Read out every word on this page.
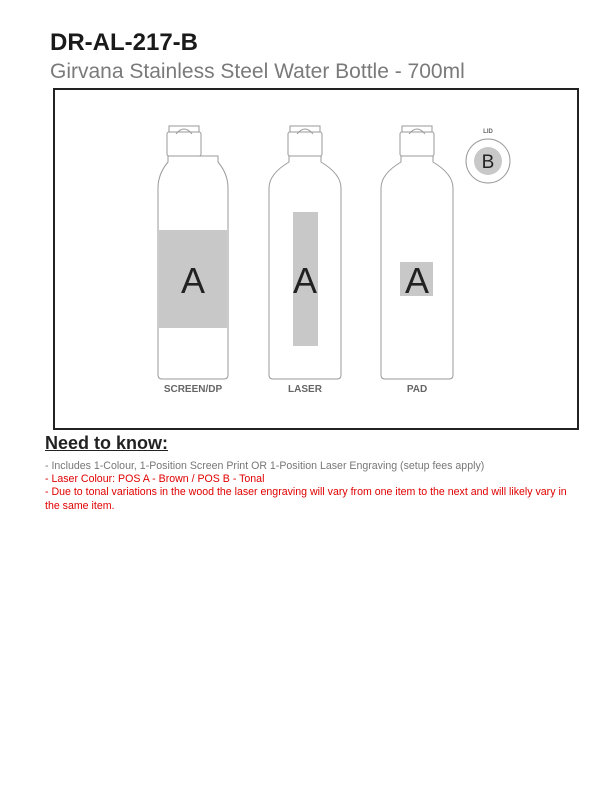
DR-AL-217-B
Girvana Stainless Steel Water Bottle - 700ml
A
SCREEN/DP
A
LASER
A
PAD
LID
B
Need to know:

- Includes 1-Colour, 1-Position Screen Print OR 1-Position Laser Engraving (setup fees apply)

- Laser Colour: POS A - Brown / POS B - Tonal

- Due to tonal variations in the wood the laser engraving will vary from one item to the next and will likely vary in the same item.
